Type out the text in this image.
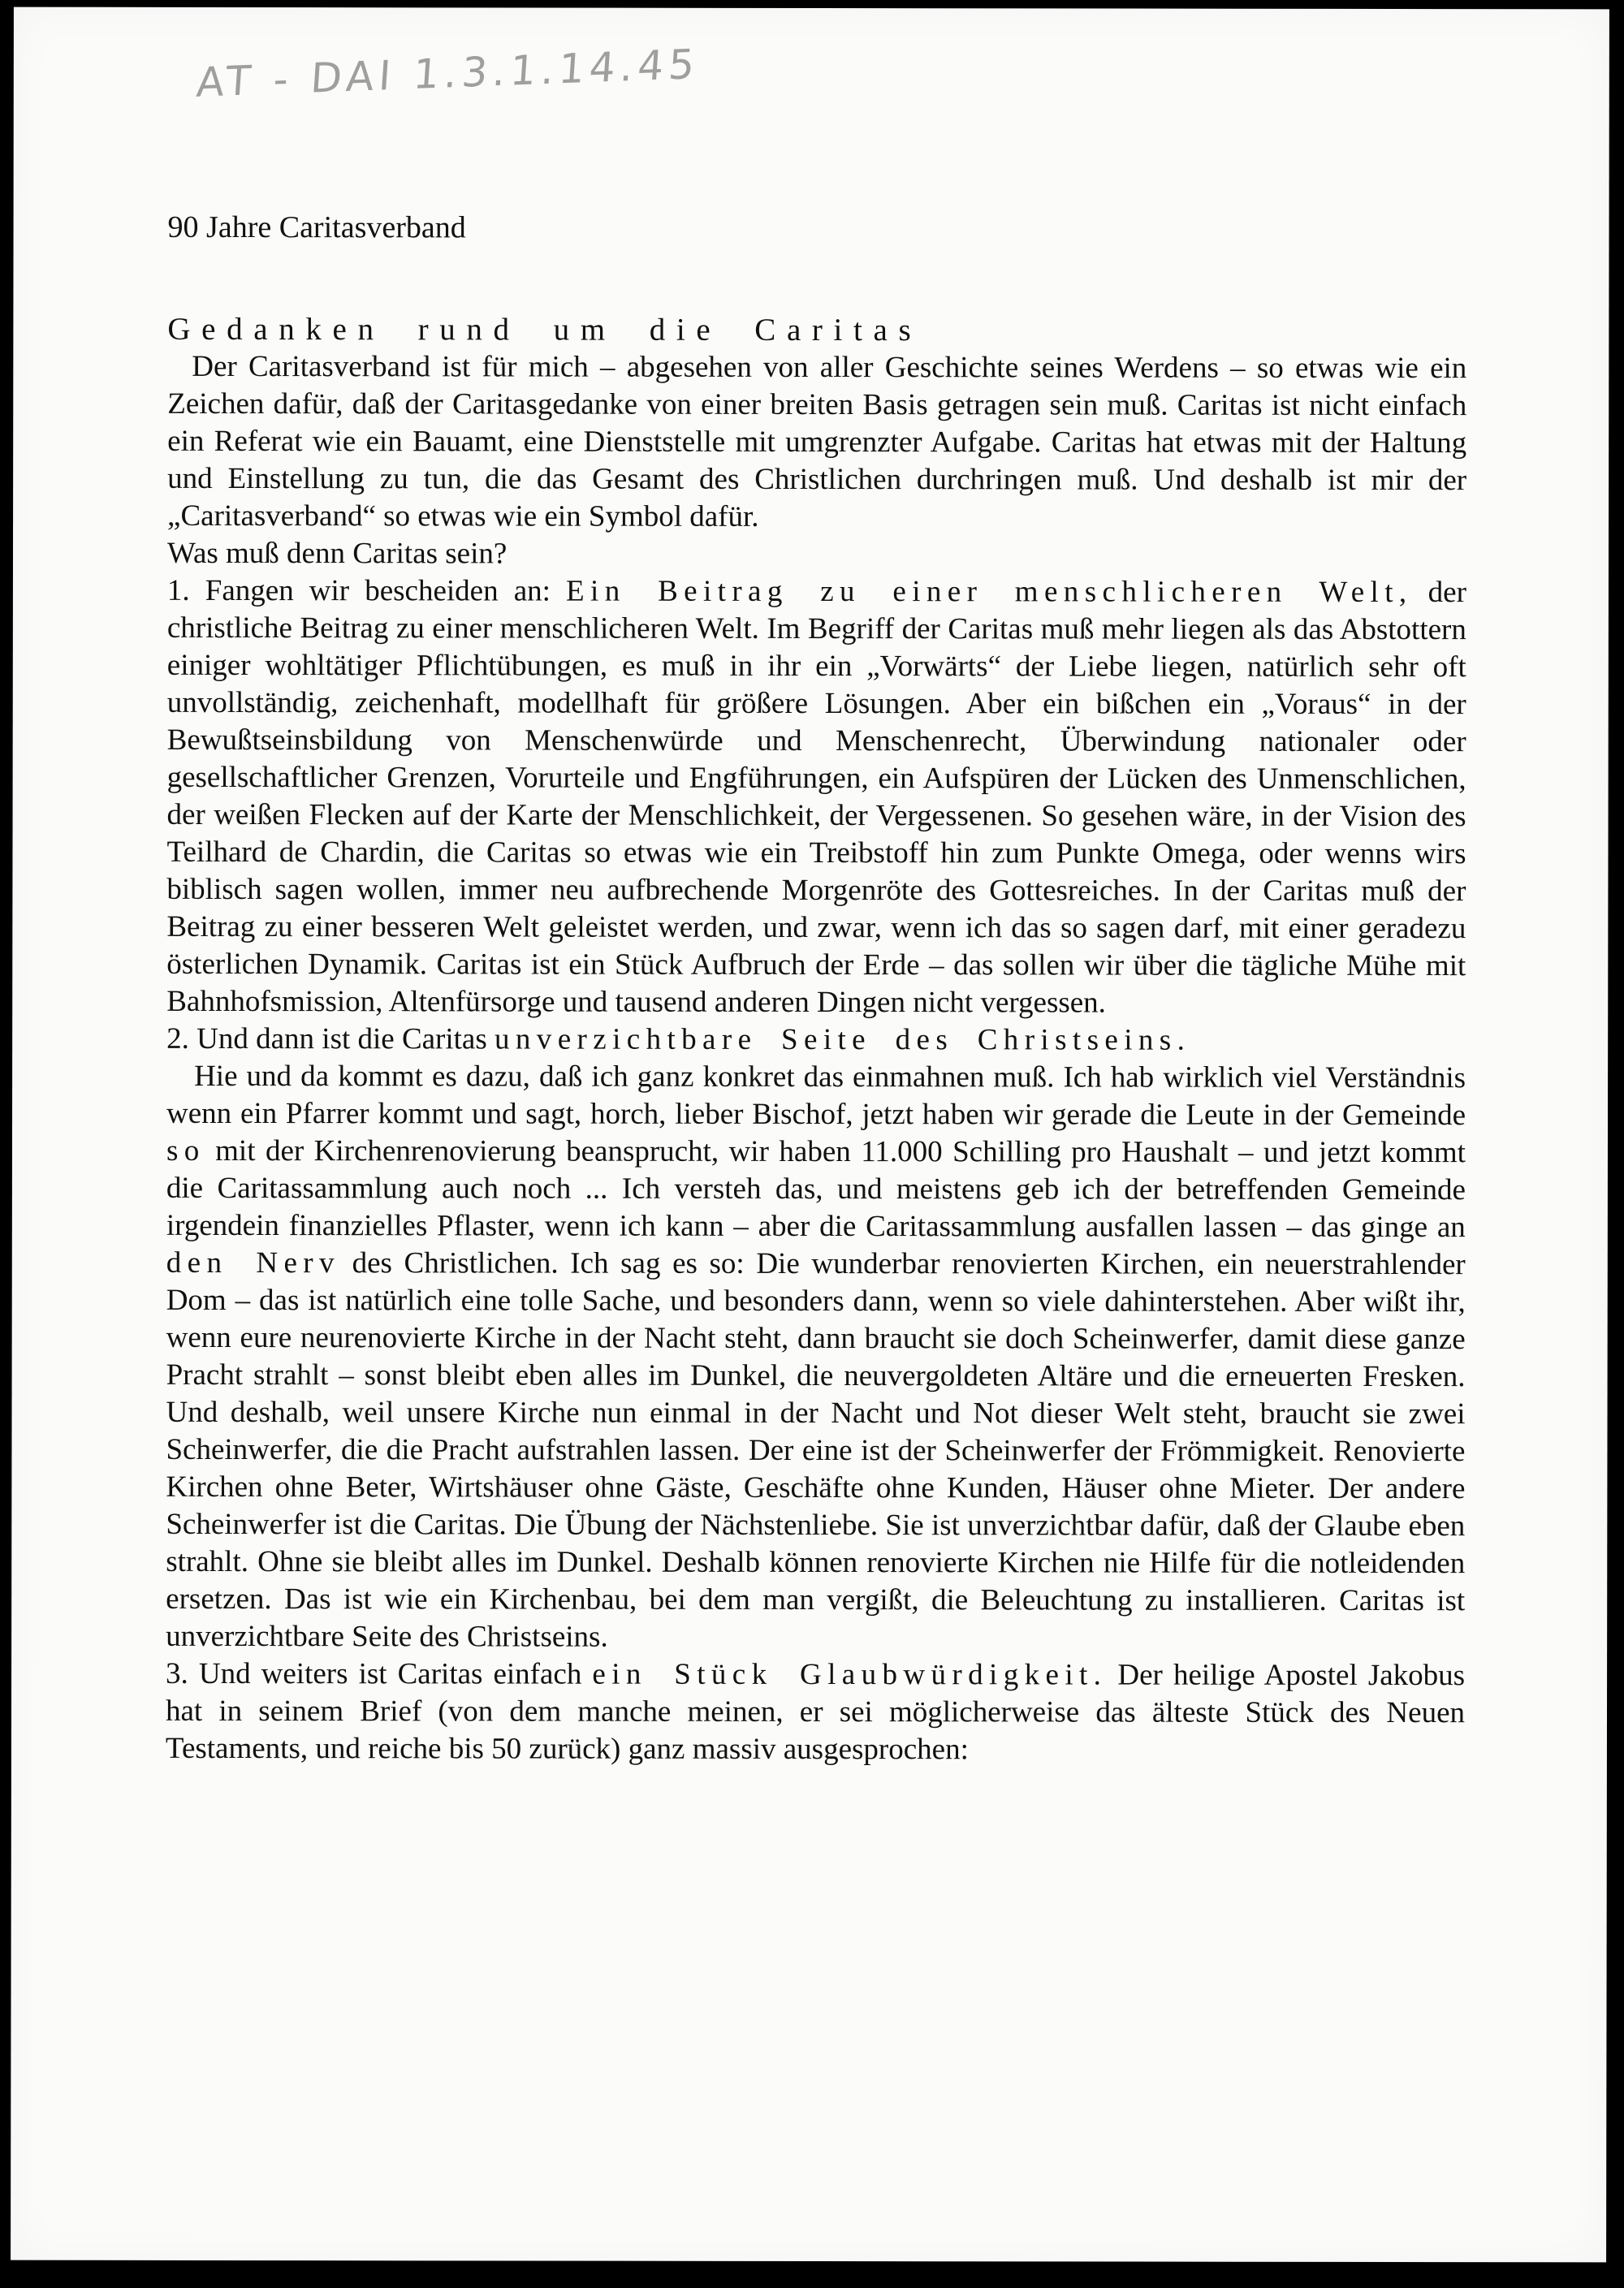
AT - DAI 1.3.1.14.45
90 Jahre Caritasverband
Gedanken rund um die Caritas

Der Caritasverband ist für mich – abgesehen von aller Geschichte seines Werdens – so etwas wie ein Zeichen dafür, daß der Caritasgedanke von einer breiten Basis getragen sein muß. Caritas ist nicht einfach ein Referat wie ein Bauamt, eine Dienststelle mit umgrenzter Aufgabe. Caritas hat etwas mit der Haltung und Einstellung zu tun, die das Gesamt des Christlichen durchringen muß. Und deshalb ist mir der „Caritasverband“ so etwas wie ein Symbol dafür.

Was muß denn Caritas sein?

1. Fangen wir bescheiden an: Ein Beitrag zu einer menschlicheren Welt, der christliche Beitrag zu einer menschlicheren Welt. Im Begriff der Caritas muß mehr liegen als das Abstottern einiger wohltätiger Pflichtübungen, es muß in ihr ein „Vorwärts“ der Liebe liegen, natürlich sehr oft unvollständig, zeichenhaft, modellhaft für größere Lösungen. Aber ein bißchen ein „Voraus“ in der Bewußtseinsbildung von Menschenwürde und Menschenrecht, Überwindung nationaler oder gesellschaftlicher Grenzen, Vorurteile und Engführungen, ein Aufspüren der Lücken des Unmenschlichen, der weißen Flecken auf der Karte der Menschlichkeit, der Vergessenen. So gesehen wäre, in der Vision des Teilhard de Chardin, die Caritas so etwas wie ein Treibstoff hin zum Punkte Omega, oder wenns wirs biblisch sagen wollen, immer neu aufbrechende Morgenröte des Gottesreiches. In der Caritas muß der Beitrag zu einer besseren Welt geleistet werden, und zwar, wenn ich das so sagen darf, mit einer geradezu österlichen Dynamik. Caritas ist ein Stück Aufbruch der Erde – das sollen wir über die tägliche Mühe mit Bahnhofsmission, Altenfürsorge und tausend anderen Dingen nicht vergessen.

2. Und dann ist die Caritas unverzichtbare Seite des Christseins.

Hie und da kommt es dazu, daß ich ganz konkret das einmahnen muß. Ich hab wirklich viel Verständnis wenn ein Pfarrer kommt und sagt, horch, lieber Bischof, jetzt haben wir gerade die Leute in der Gemeinde so mit der Kirchenrenovierung beansprucht, wir haben 11.000 Schilling pro Haushalt – und jetzt kommt die Caritassammlung auch noch ... Ich versteh das, und meistens geb ich der betreffenden Gemeinde irgendein finanzielles Pflaster, wenn ich kann – aber die Caritassammlung ausfallen lassen – das ginge an den Nerv des Christlichen. Ich sag es so: Die wunderbar renovierten Kirchen, ein neuerstrahlender Dom – das ist natürlich eine tolle Sache, und besonders dann, wenn so viele dahinterstehen. Aber wißt ihr, wenn eure neurenovierte Kirche in der Nacht steht, dann braucht sie doch Scheinwerfer, damit diese ganze Pracht strahlt – sonst bleibt eben alles im Dunkel, die neuvergoldeten Altäre und die erneuerten Fresken. Und deshalb, weil unsere Kirche nun einmal in der Nacht und Not dieser Welt steht, braucht sie zwei Scheinwerfer, die die Pracht aufstrahlen lassen. Der eine ist der Scheinwerfer der Frömmigkeit. Renovierte Kirchen ohne Beter, Wirtshäuser ohne Gäste, Geschäfte ohne Kunden, Häuser ohne Mieter. Der andere Scheinwerfer ist die Caritas. Die Übung der Nächstenliebe. Sie ist unverzichtbar dafür, daß der Glaube eben strahlt. Ohne sie bleibt alles im Dunkel. Deshalb können renovierte Kirchen nie Hilfe für die notleidenden ersetzen. Das ist wie ein Kirchenbau, bei dem man vergißt, die Beleuchtung zu installieren. Caritas ist unverzichtbare Seite des Christseins.

3. Und weiters ist Caritas einfach ein Stück Glaubwürdigkeit. Der heilige Apostel Jakobus hat in seinem Brief (von dem manche meinen, er sei möglicherweise das älteste Stück des Neuen Testaments, und reiche bis 50 zurück) ganz massiv ausgesprochen:
